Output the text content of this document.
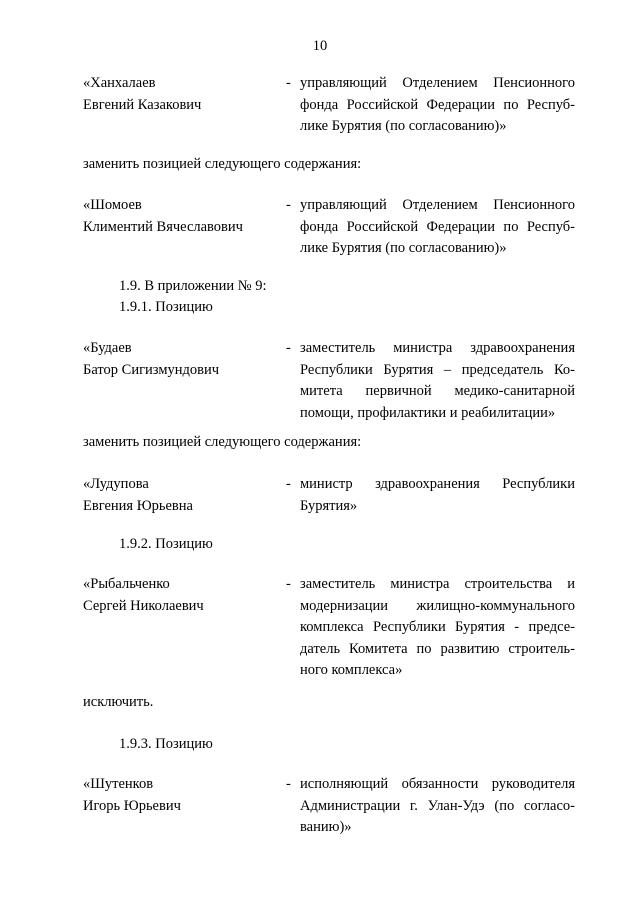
10
«Ханхалаев
Евгений Казакович
- управляющий Отделением Пенсионного
фонда Российской Федерации по Респуб-
лике Бурятия (по согласованию)»
заменить позицией следующего содержания:
«Шомоев
Климентий Вячеславович
- управляющий Отделением Пенсионного
фонда Российской Федерации по Респуб-
лике Бурятия (по согласованию)»
1.9. В приложении № 9:
1.9.1. Позицию
«Будаев
Батор Сигизмундович
- заместитель министра здравоохранения
Республики Бурятия – председатель Ко-
митета первичной медико-санитарной
помощи, профилактики и реабилитации»
заменить позицией следующего содержания:
«Лудупова
Евгения Юрьевна
- министр здравоохранения Республики
Бурятия»
1.9.2. Позицию
«Рыбальченко
Сергей Николаевич
- заместитель министра строительства и
модернизации жилищно-коммунального
комплекса Республики Бурятия - предсе-
датель Комитета по развитию строитель-
ного комплекса»
исключить.
1.9.3. Позицию
«Шутенков
Игорь Юрьевич
- исполняющий обязанности руководителя
Администрации г. Улан-Удэ (по согласо-
ванию)»
